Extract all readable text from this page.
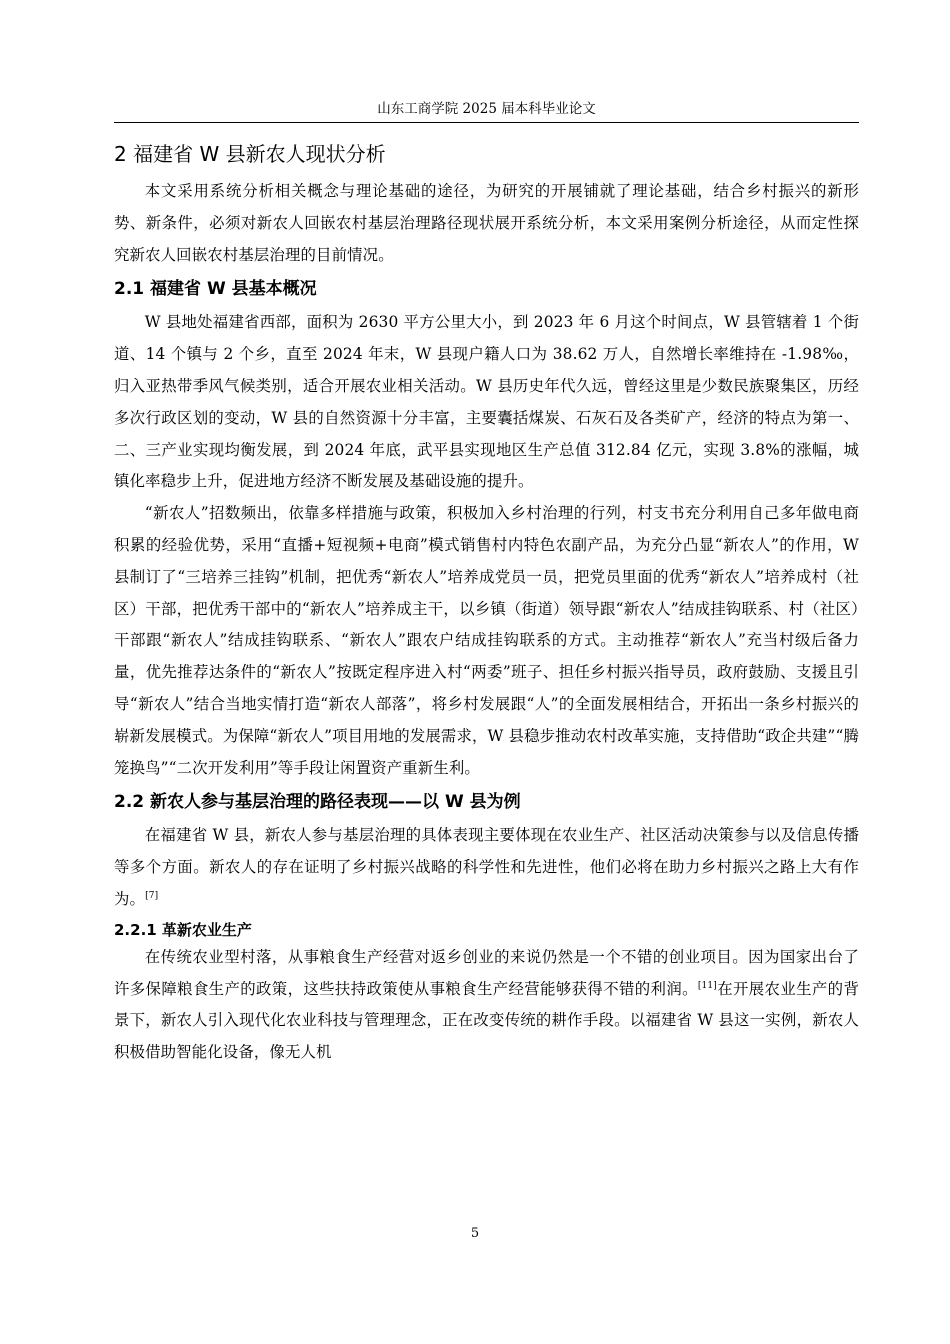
山东工商学院 2025 届本科毕业论文
2 福建省 W 县新农人现状分析

本文采用系统分析相关概念与理论基础的途径，为研究的开展铺就了理论基础，结合乡村振兴的新形势、新条件，必须对新农人回嵌农村基层治理路径现状展开系统分析，本文采用案例分析途径，从而定性探究新农人回嵌农村基层治理的目前情况。

2.1 福建省 W 县基本概况

W 县地处福建省西部，面积为 2630 平方公里大小，到 2023 年 6 月这个时间点，W 县管辖着 1 个街道、14 个镇与 2 个乡，直至 2024 年末，W 县现户籍人口为 38.62 万人，自然增长率维持在 -1.98‰，归入亚热带季风气候类别，适合开展农业相关活动。W 县历史年代久远，曾经这里是少数民族聚集区，历经多次行政区划的变动，W 县的自然资源十分丰富，主要囊括煤炭、石灰石及各类矿产，经济的特点为第一、二、三产业实现均衡发展，到 2024 年底，武平县实现地区生产总值 312.84 亿元，实现 3.8%的涨幅，城镇化率稳步上升，促进地方经济不断发展及基础设施的提升。

“新农人”招数频出，依靠多样措施与政策，积极加入乡村治理的行列，村支书充分利用自己多年做电商积累的经验优势，采用“直播+短视频+电商”模式销售村内特色农副产品，为充分凸显“新农人”的作用，W 县制订了“三培养三挂钩”机制，把优秀“新农人”培养成党员一员，把党员里面的优秀“新农人”培养成村（社区）干部，把优秀干部中的“新农人”培养成主干，以乡镇（街道）领导跟“新农人”结成挂钩联系、村（社区）干部跟“新农人”结成挂钩联系、“新农人”跟农户结成挂钩联系的方式。主动推荐“新农人”充当村级后备力量，优先推荐达条件的“新农人”按既定程序进入村“两委”班子、担任乡村振兴指导员，政府鼓励、支援且引导“新农人”结合当地实情打造“新农人部落”，将乡村发展跟“人”的全面发展相结合，开拓出一条乡村振兴的崭新发展模式。为保障“新农人”项目用地的发展需求，W 县稳步推动农村改革实施，支持借助“政企共建”“腾笼换鸟”“二次开发利用”等手段让闲置资产重新生利。

2.2 新农人参与基层治理的路径表现——以 W 县为例

在福建省 W 县，新农人参与基层治理的具体表现主要体现在农业生产、社区活动决策参与以及信息传播等多个方面。新农人的存在证明了乡村振兴战略的科学性和先进性，他们必将在助力乡村振兴之路上大有作为。[7]

2.2.1 革新农业生产

在传统农业型村落，从事粮食生产经营对返乡创业的来说仍然是一个不错的创业项目。因为国家出台了许多保障粮食生产的政策，这些扶持政策使从事粮食生产经营能够获得不错的利润。[11]在开展农业生产的背景下，新农人引入现代化农业科技与管理理念，正在改变传统的耕作手段。以福建省 W 县这一实例，新农人积极借助智能化设备，像无人机

5
